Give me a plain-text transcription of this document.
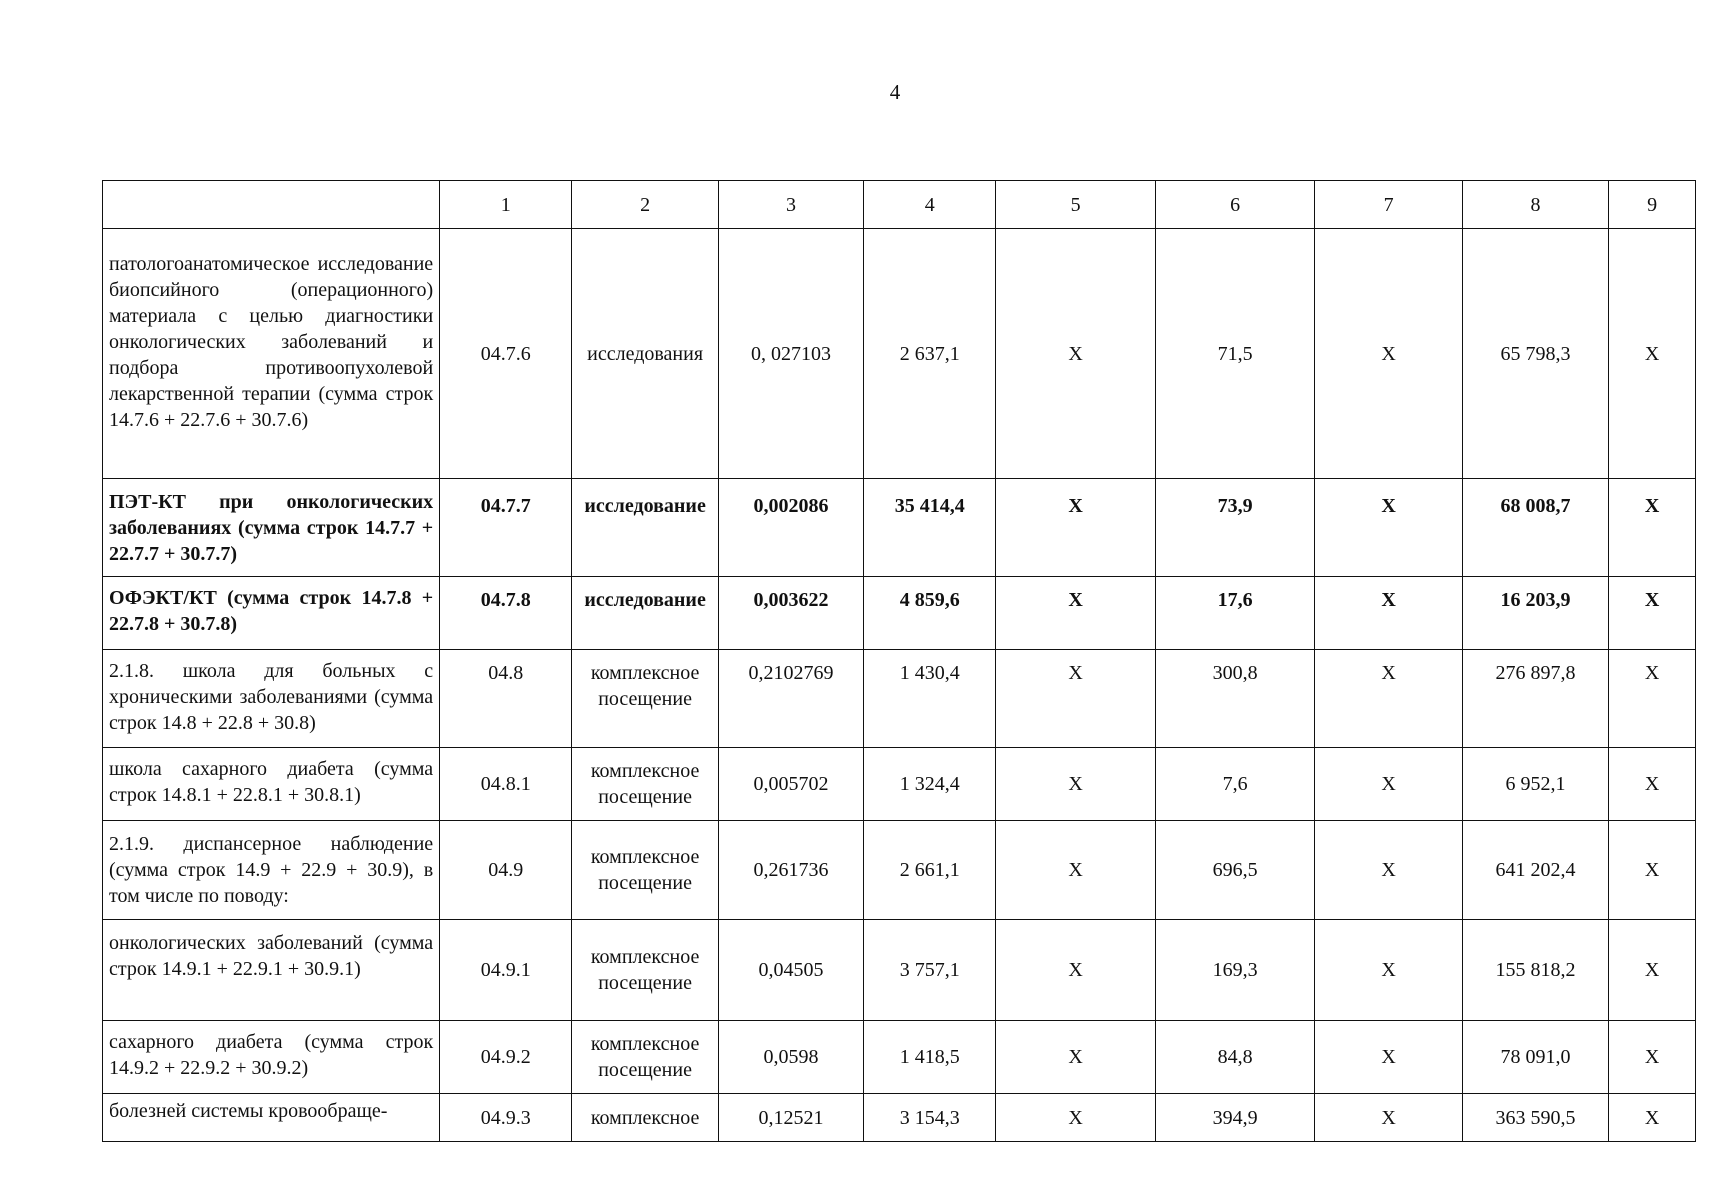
4
	1	2	3	4	5	6	7	8	9
патологоанатомическое исследование биопсийного (операционного) материала с целью диагностики онкологических заболеваний и подбора противоопухолевой лекарственной терапии (сумма строк 14.7.6 + 22.7.6 + 30.7.6)	04.7.6	исследования	0, 027103	2 637,1	X	71,5	X	65 798,3	X
ПЭТ-КТ при онкологических заболеваниях (сумма строк 14.7.7 + 22.7.7 + 30.7.7)	04.7.7	исследование	0,002086	35 414,4	X	73,9	X	68 008,7	X
ОФЭКТ/КТ (сумма строк 14.7.8 + 22.7.8 + 30.7.8)	04.7.8	исследование	0,003622	4 859,6	X	17,6	X	16 203,9	X
2.1.8. школа для больных с хроническими заболеваниями (сумма строк 14.8 + 22.8 + 30.8)	04.8	комплексное посещение	0,2102769	1 430,4	X	300,8	X	276 897,8	X
школа сахарного диабета (сумма строк 14.8.1 + 22.8.1 + 30.8.1)	04.8.1	комплексное посещение	0,005702	1 324,4	X	7,6	X	6 952,1	X
2.1.9. диспансерное наблюдение (сумма строк 14.9 + 22.9 + 30.9), в том числе по поводу:	04.9	комплексное посещение	0,261736	2 661,1	X	696,5	X	641 202,4	X
онкологических заболеваний (сумма строк 14.9.1 + 22.9.1 + 30.9.1)	04.9.1	комплексное посещение	0,04505	3 757,1	X	169,3	X	155 818,2	X
сахарного диабета (сумма строк 14.9.2 + 22.9.2 + 30.9.2)	04.9.2	комплексное посещение	0,0598	1 418,5	X	84,8	X	78 091,0	X
болезней системы кровообраще-	04.9.3	комплексное	0,12521	3 154,3	X	394,9	X	363 590,5	X
